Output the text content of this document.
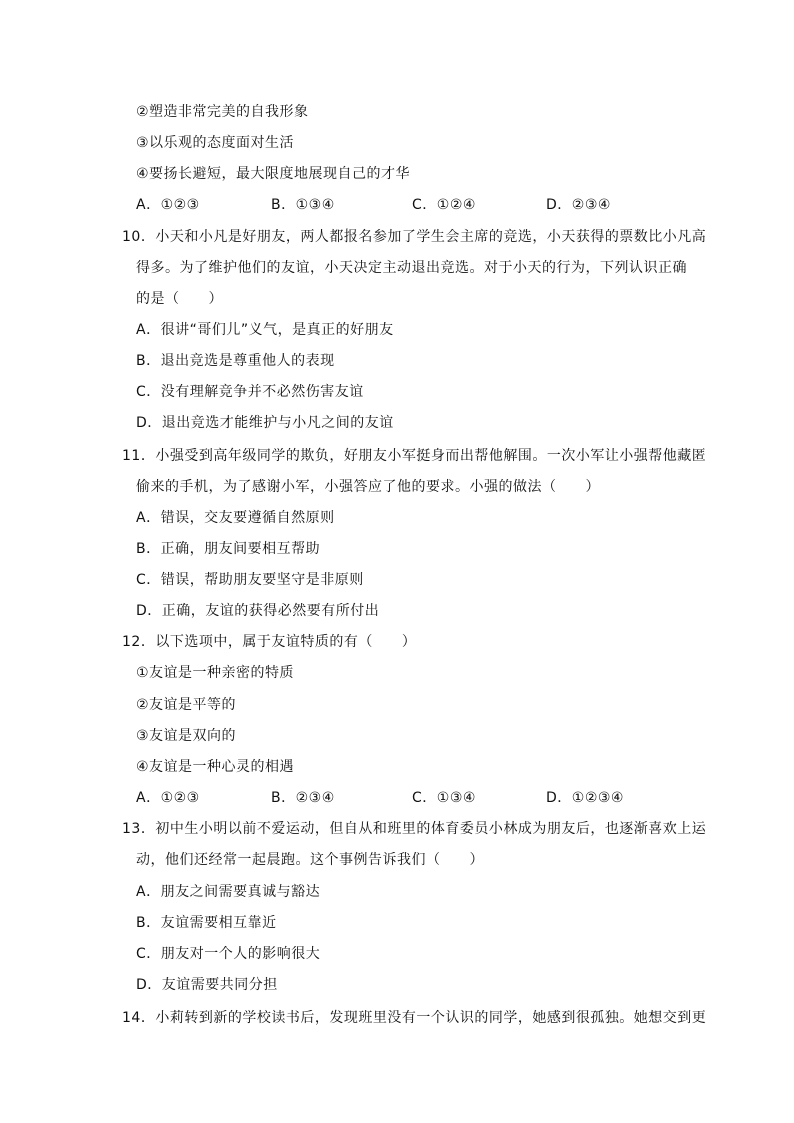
②塑造非常完美的自我形象
③以乐观的态度面对生活
④要扬长避短，最大限度地展现自己的才华
A．①②③	B．①③④	C．①②④	D．②③④
10．小天和小凡是好朋友，两人都报名参加了学生会主席的竞选，小天获得的票数比小凡高
得多。为了维护他们的友谊，小天决定主动退出竞选。对于小天的行为，下列认识正确
的是（　　）
A．很讲“哥们儿”义气，是真正的好朋友
B．退出竞选是尊重他人的表现
C．没有理解竞争并不必然伤害友谊
D．退出竞选才能维护与小凡之间的友谊
11．小强受到高年级同学的欺负，好朋友小军挺身而出帮他解围。一次小军让小强帮他藏匿
偷来的手机，为了感谢小军，小强答应了他的要求。小强的做法（　　）
A．错误，交友要遵循自然原则
B．正确，朋友间要相互帮助
C．错误，帮助朋友要坚守是非原则
D．正确，友谊的获得必然要有所付出
12．以下选项中，属于友谊特质的有（　　）
①友谊是一种亲密的特质
②友谊是平等的
③友谊是双向的
④友谊是一种心灵的相遇
A．①②③	B．②③④	C．①③④	D．①②③④
13．初中生小明以前不爱运动，但自从和班里的体育委员小林成为朋友后，也逐渐喜欢上运
动，他们还经常一起晨跑。这个事例告诉我们（　　）
A．朋友之间需要真诚与豁达
B．友谊需要相互靠近
C．朋友对一个人的影响很大
D．友谊需要共同分担
14．小莉转到新的学校读书后，发现班里没有一个认识的同学，她感到很孤独。她想交到更
